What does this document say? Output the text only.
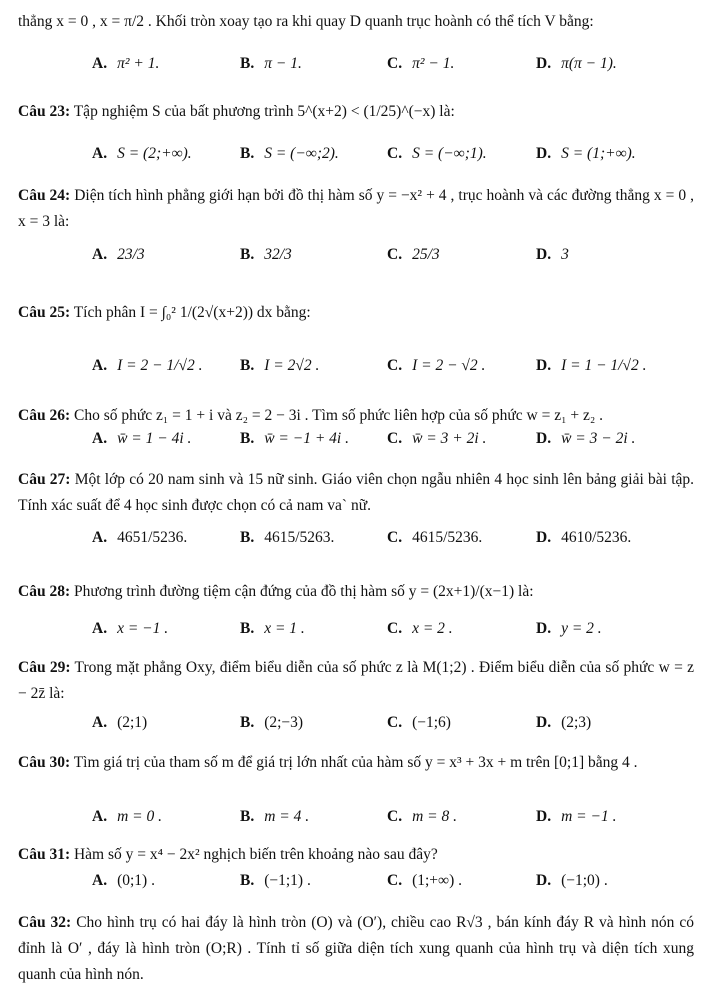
thẳng x = 0 , x = π/2 . Khối tròn xoay tạo ra khi quay D quanh trục hoành có thể tích V bằng:
A. π² + 1.	B. π − 1.	C. π² − 1.	D. π(π − 1).
Câu 23: Tập nghiệm S của bất phương trình 5^(x+2) < (1/25)^(−x) là:
A. S = (2;+∞).	B. S = (−∞;2).	C. S = (−∞;1).	D. S = (1;+∞).
Câu 24: Diện tích hình phẳng giới hạn bởi đồ thị hàm số y = −x² + 4 , trục hoành và các đường thẳng x = 0 , x = 3 là:
A. 23/3	B. 32/3	C. 25/3	D. 3
Câu 25: Tích phân I = ∫₀² 1/(2√(x+2)) dx bằng:
A. I = 2 − 1/√2 . B. I = 2√2 .	C. I = 2 − √2 .	D. I = 1 − 1/√2 .
Câu 26: Cho số phức z₁ = 1 + i và z₂ = 2 − 3i . Tìm số phức liên hợp của số phức w = z₁ + z₂ .
A. w̄ = 1 − 4i .	B. w̄ = −1 + 4i . C. w̄ = 3 + 2i .	D. w̄ = 3 − 2i .
Câu 27: Một lớp có 20 nam sinh và 15 nữ sinh. Giáo viên chọn ngẫu nhiên 4 học sinh lên bảng giải bài tập. Tính xác suất để 4 học sinh được chọn có cả nam va` nữ.
A. 4651/5236.	B. 4615/5263.	C. 4615/5236.	D. 4610/5236.
Câu 28: Phương trình đường tiệm cận đứng của đồ thị hàm số y = (2x+1)/(x−1) là:
A. x = −1 .	B. x = 1 .	C. x = 2 .	D. y = 2 .
Câu 29: Trong mặt phẳng Oxy, điểm biểu diễn của số phức z là M(1;2) . Điểm biểu diễn của số phức w = z − 2z̄ là:
A. (2;1)	B. (2;−3)	C. (−1;6)	D. (2;3)
Câu 30: Tìm giá trị của tham số m để giá trị lớn nhất của hàm số y = x³ + 3x + m trên [0;1] bằng 4 .
A. m = 0 .	B. m = 4 .	C. m = 8 .	D. m = −1 .
Câu 31: Hàm số y = x⁴ − 2x² nghịch biến trên khoảng nào sau đây?
A. (0;1) .	B. (−1;1) .	C. (1;+∞) .	D. (−1;0) .
Câu 32: Cho hình trụ có hai đáy là hình tròn (O) và (O′), chiều cao R√3 , bán kính đáy R và hình nón có đỉnh là O′ , đáy là hình tròn (O;R) . Tính tỉ số giữa diện tích xung quanh của hình trụ và diện tích xung quanh của hình nón.
